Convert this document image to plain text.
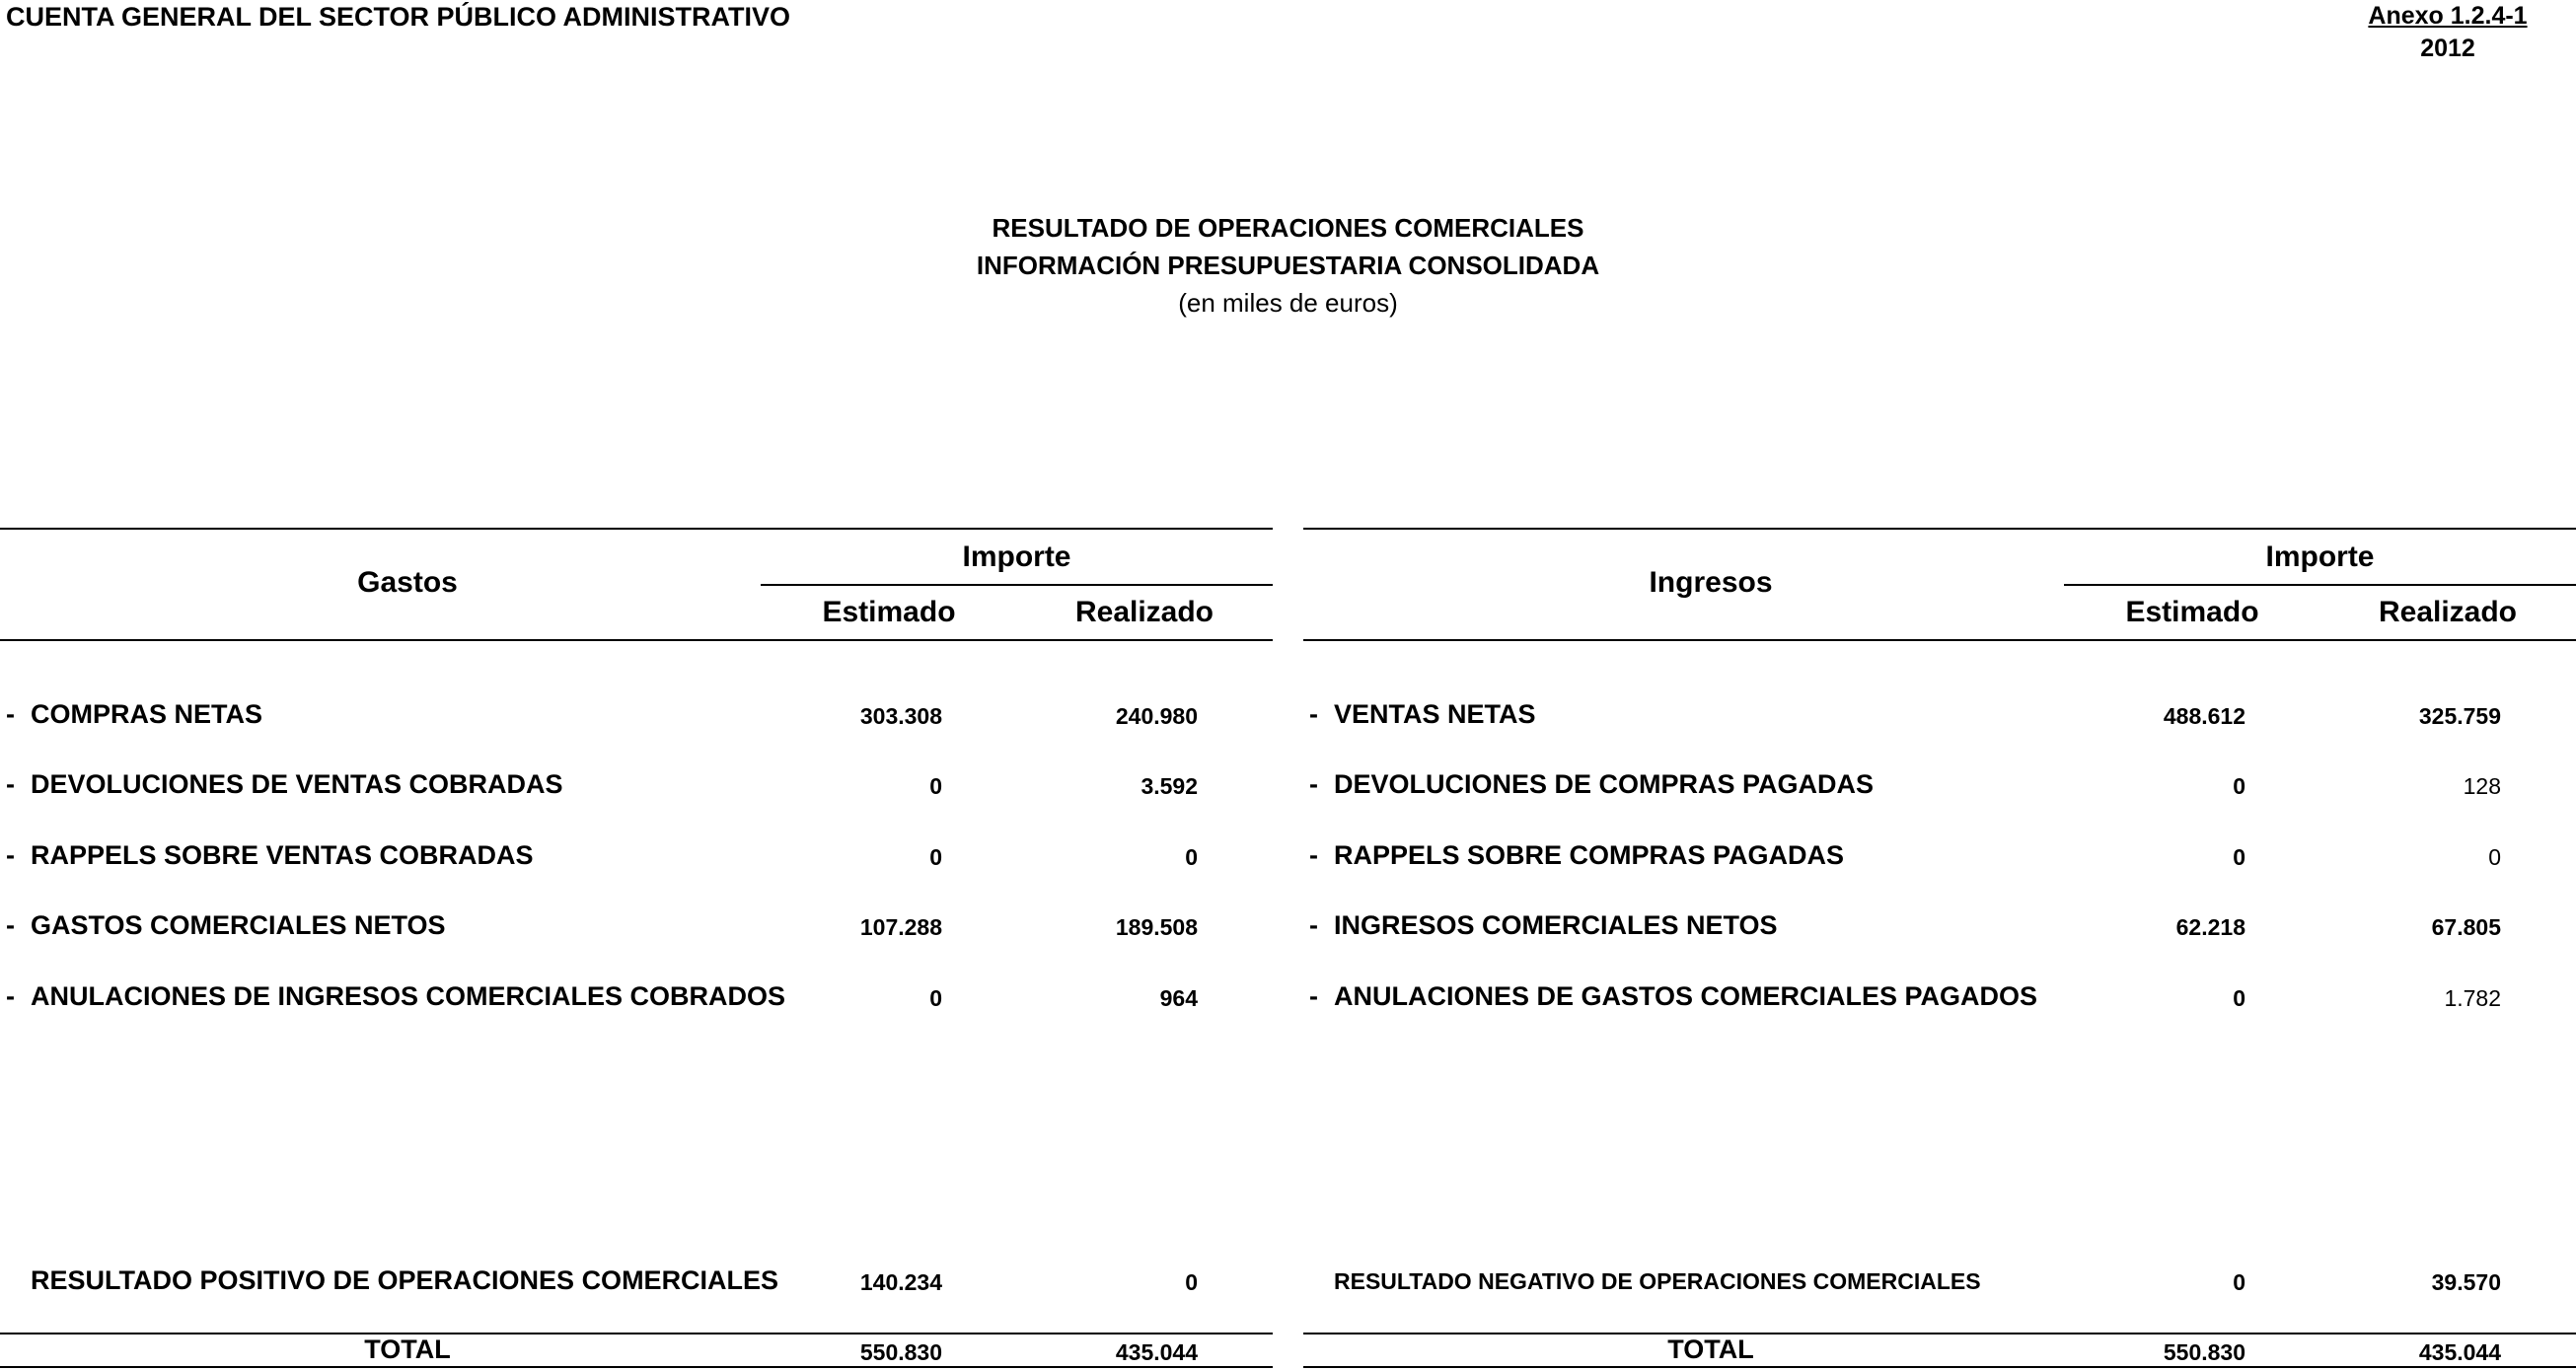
CUENTA GENERAL DEL SECTOR PÚBLICO ADMINISTRATIVO	Anexo 1.2.4-1
2012
RESULTADO DE OPERACIONES COMERCIALES
INFORMACIÓN PRESUPUESTARIA CONSOLIDADA
(en miles de euros)
Gastos
Importe
Estimado	Realizado
- COMPRAS NETAS	303.308	240.980
- DEVOLUCIONES DE VENTAS COBRADAS	0	3.592
- RAPPELS SOBRE VENTAS COBRADAS	0	0
- GASTOS COMERCIALES NETOS	107.288	189.508
- ANULACIONES DE INGRESOS COMERCIALES COBRADOS	0	964
RESULTADO POSITIVO DE OPERACIONES COMERCIALES	140.234	0
TOTAL	550.830	435.044
Ingresos
Importe
Estimado	Realizado
- VENTAS NETAS	488.612	325.759
- DEVOLUCIONES DE COMPRAS PAGADAS	0	128
- RAPPELS SOBRE COMPRAS PAGADAS	0	0
- INGRESOS COMERCIALES NETOS	62.218	67.805
- ANULACIONES DE GASTOS COMERCIALES PAGADOS	0	1.782
RESULTADO NEGATIVO DE OPERACIONES COMERCIALES	0	39.570
TOTAL	550.830	435.044
